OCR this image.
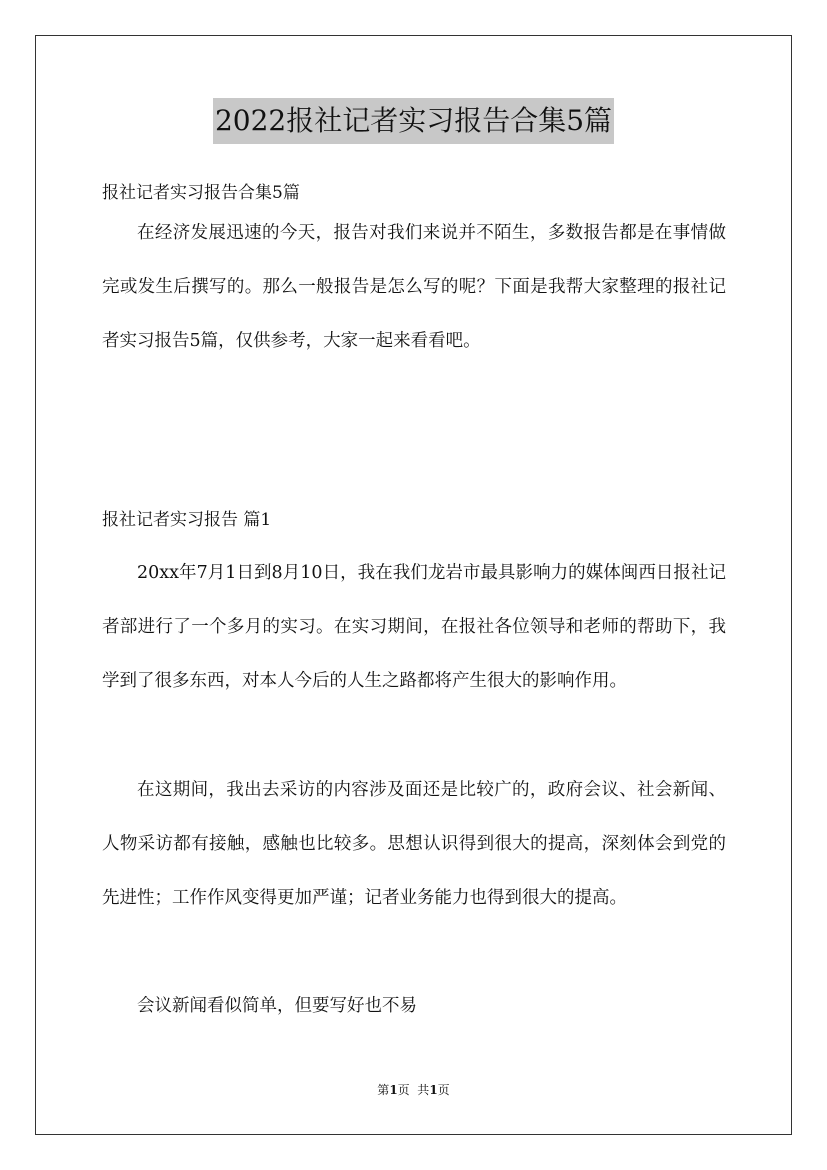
2022报社记者实习报告合集5篇
报社记者实习报告合集5篇

在经济发展迅速的今天，报告对我们来说并不陌生，多数报告都是在事情做完或发生后撰写的。那么一般报告是怎么写的呢？下面是我帮大家整理的报社记者实习报告5篇，仅供参考，大家一起来看看吧。

报社记者实习报告 篇1

20xx年7月1日到8月10日，我在我们龙岩市最具影响力的媒体闽西日报社记者部进行了一个多月的实习。在实习期间，在报社各位领导和老师的帮助下，我学到了很多东西，对本人今后的人生之路都将产生很大的影响作用。

在这期间，我出去采访的内容涉及面还是比较广的，政府会议、社会新闻、人物采访都有接触，感触也比较多。思想认识得到很大的提高，深刻体会到党的先进性；工作作风变得更加严谨；记者业务能力也得到很大的提高。

会议新闻看似简单，但要写好也不易

第1页  共1页
